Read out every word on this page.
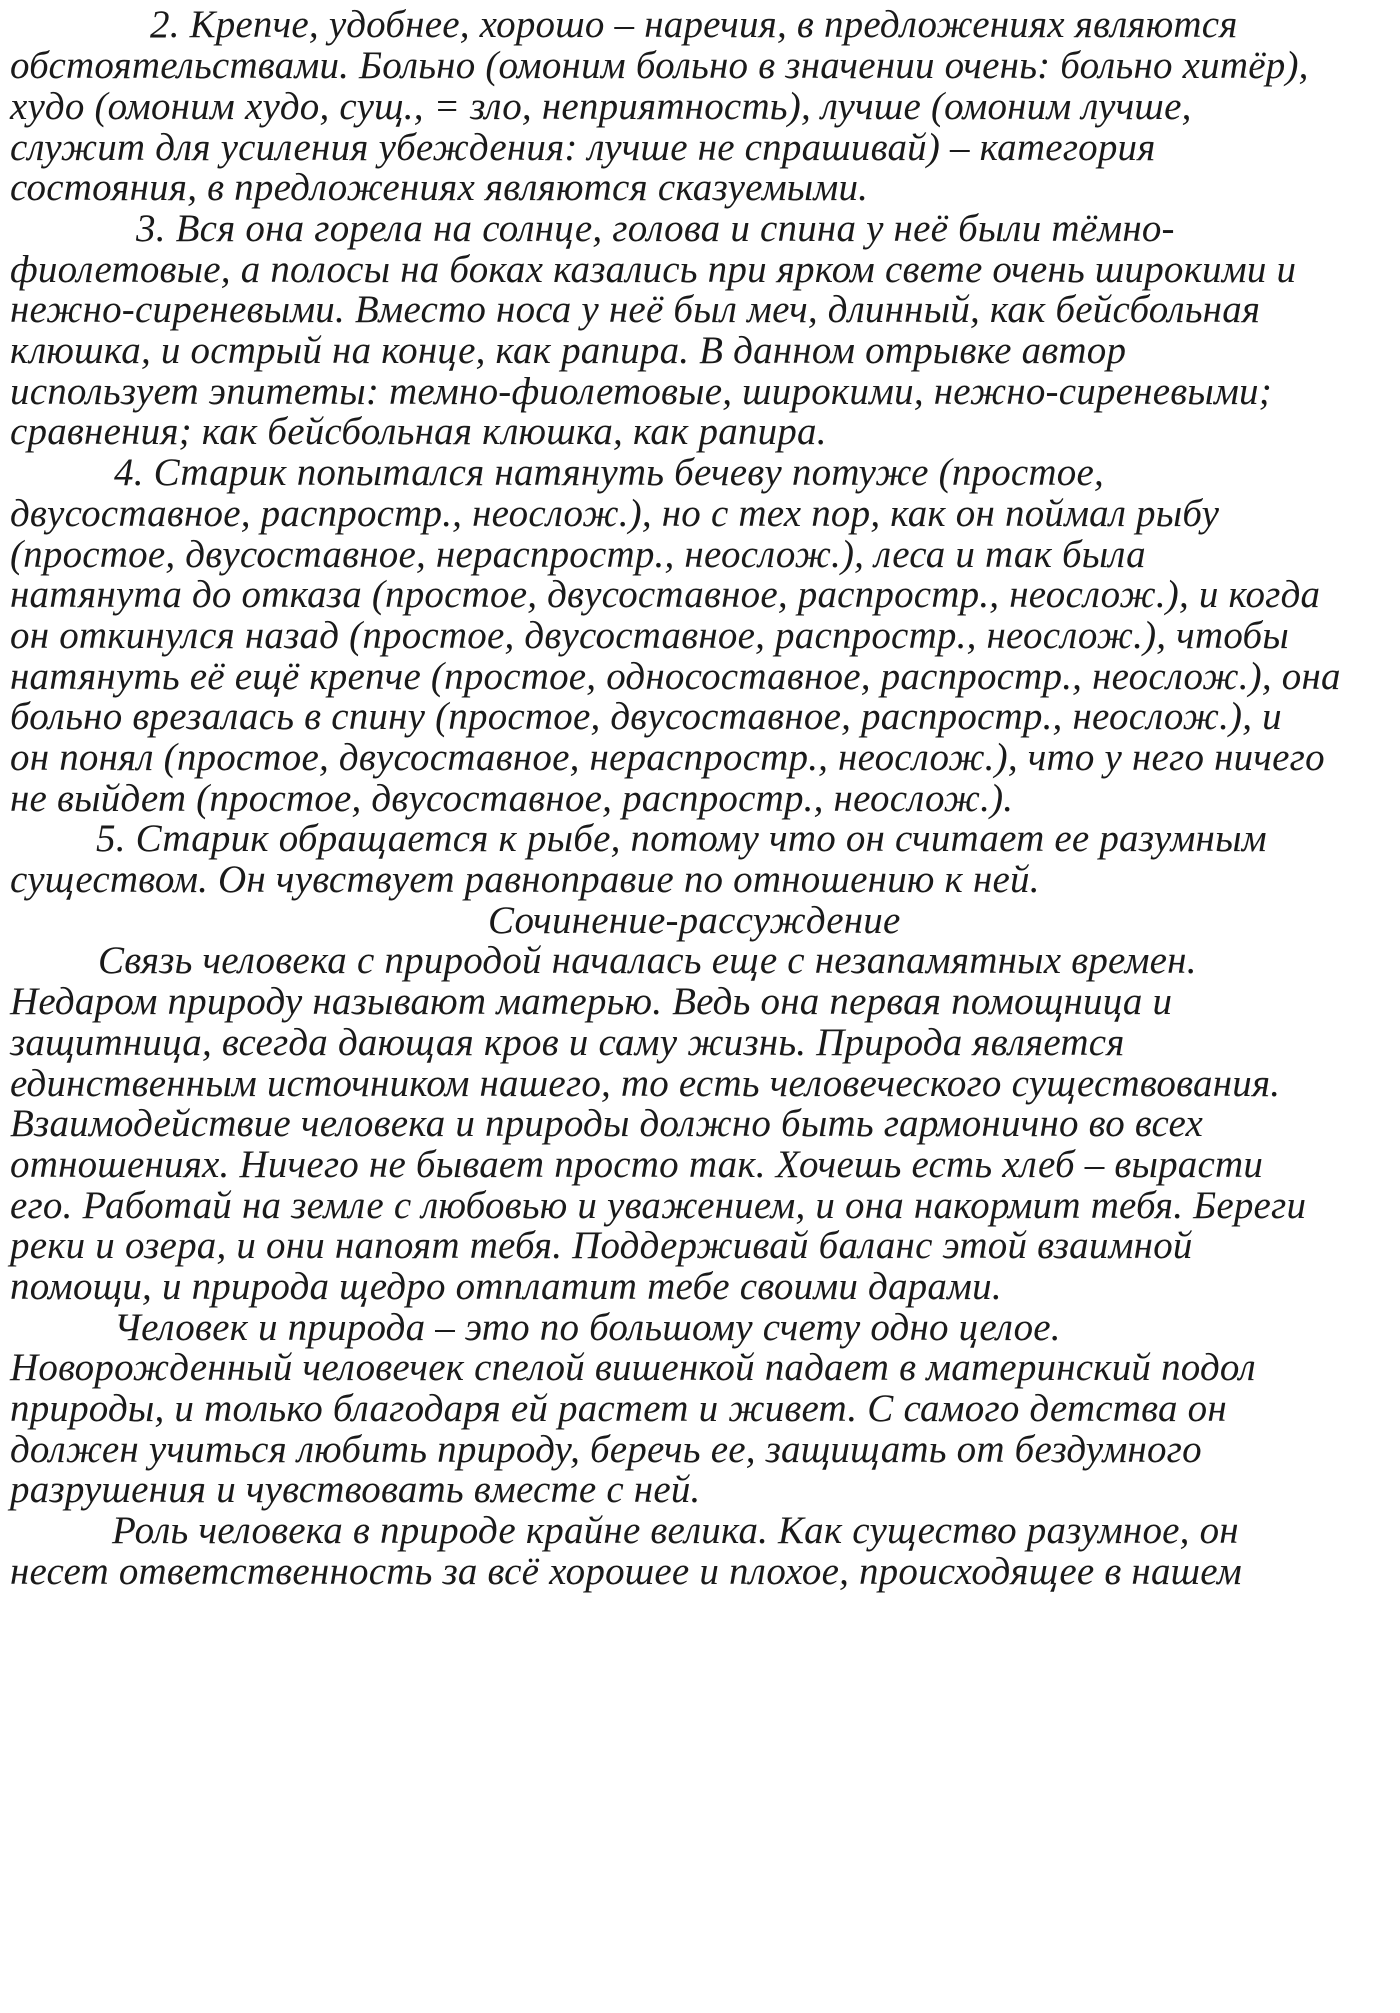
2. Крепче, удобнее, хорошо – наречия, в предложениях являются
обстоятельствами. Больно (омоним больно в значении очень: больно хитёр),
худо (омоним худо, сущ., = зло, неприятность), лучше (омоним лучше,
служит для усиления убеждения: лучше не спрашивай) – категория
состояния, в предложениях являются сказуемыми.
3. Вся она горела на солнце, голова и спина у неё были тёмно-
фиолетовые, а полосы на боках казались при ярком свете очень широкими и
нежно-сиреневыми. Вместо носа у неё был меч, длинный, как бейсбольная
клюшка, и острый на конце, как рапира. В данном отрывке автор
использует эпитеты: темно-фиолетовые, широкими, нежно-сиреневыми;
сравнения; как бейсбольная клюшка, как рапира.
4. Старик попытался натянуть бечеву потуже (простое,
двусоставное, распростр., неослож.), но с тех пор, как он поймал рыбу
(простое, двусоставное, нераспростр., неослож.), леса и так была
натянута до отказа (простое, двусоставное, распростр., неослож.), и когда
он откинулся назад (простое, двусоставное, распростр., неослож.), чтобы
натянуть её ещё крепче (простое, односоставное, распростр., неослож.), она
больно врезалась в спину (простое, двусоставное, распростр., неослож.), и
он понял (простое, двусоставное, нераспростр., неослож.), что у него ничего
не выйдет (простое, двусоставное, распростр., неослож.).
5. Старик обращается к рыбе, потому что он считает ее разумным
существом. Он чувствует равноправие по отношению к ней.
Сочинение-рассуждение
Связь человека с природой началась еще с незапамятных времен.
Недаром природу называют матерью. Ведь она первая помощница и
защитница, всегда дающая кров и саму жизнь. Природа является
единственным источником нашего, то есть человеческого существования.
Взаимодействие человека и природы должно быть гармонично во всех
отношениях. Ничего не бывает просто так. Хочешь есть хлеб – вырасти
его. Работай на земле с любовью и уважением, и она накормит тебя. Береги
реки и озера, и они напоят тебя. Поддерживай баланс этой взаимной
помощи, и природа щедро отплатит тебе своими дарами.
Человек и природа – это по большому счету одно целое.
Новорожденный человечек спелой вишенкой падает в материнский подол
природы, и только благодаря ей растет и живет. С самого детства он
должен учиться любить природу, беречь ее, защищать от бездумного
разрушения и чувствовать вместе с ней.
Роль человека в природе крайне велика. Как существо разумное, он
несет ответственность за всё хорошее и плохое, происходящее в нашем
